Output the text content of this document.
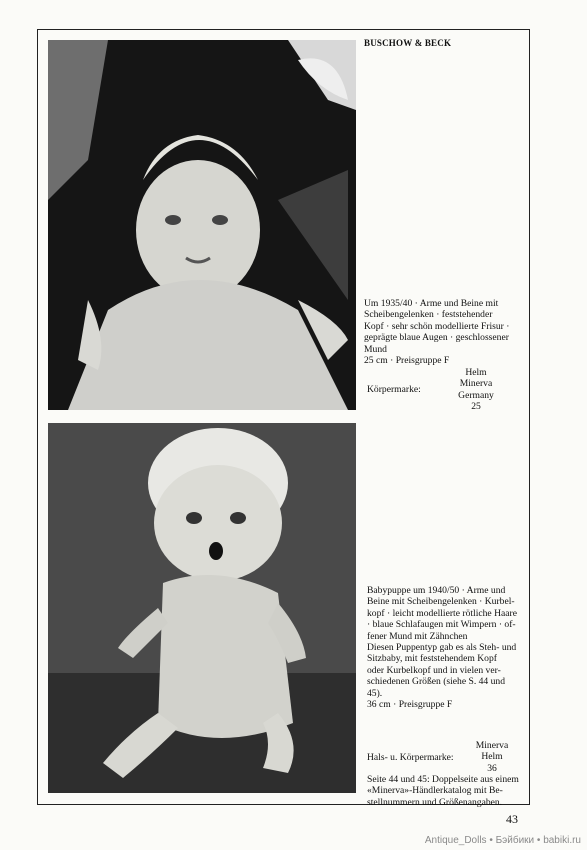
BUSCHOW & BECK
Um 1935/40 · Arme und Beine mit
Scheibengelenken · feststehender
Kopf · sehr schön modellierte Frisur ·
geprägte blaue Augen · geschlossener
Mund
25 cm · Preisgruppe F
Körpermarke:
Helm
Minerva
Germany
25
Babypuppe um 1940/50 · Arme und
Beine mit Scheibengelenken · Kurbel-
kopf · leicht modellierte rötliche Haare
· blaue Schlafaugen mit Wimpern · of-
fener Mund mit Zähnchen
Diesen Puppentyp gab es als Steh- und
Sitzbaby, mit feststehendem Kopf
oder Kurbelkopf und in vielen ver-
schiedenen Größen (siehe S. 44 und
45).
36 cm · Preisgruppe F
Hals- u. Körpermarke:
Minerva
Helm
36
Seite 44 und 45: Doppelseite aus einem
«Minerva»-Händlerkatalog mit Be-
stellnummern und Größenangaben.
43
Antique_Dolls • Бэйбики • babiki.ru
